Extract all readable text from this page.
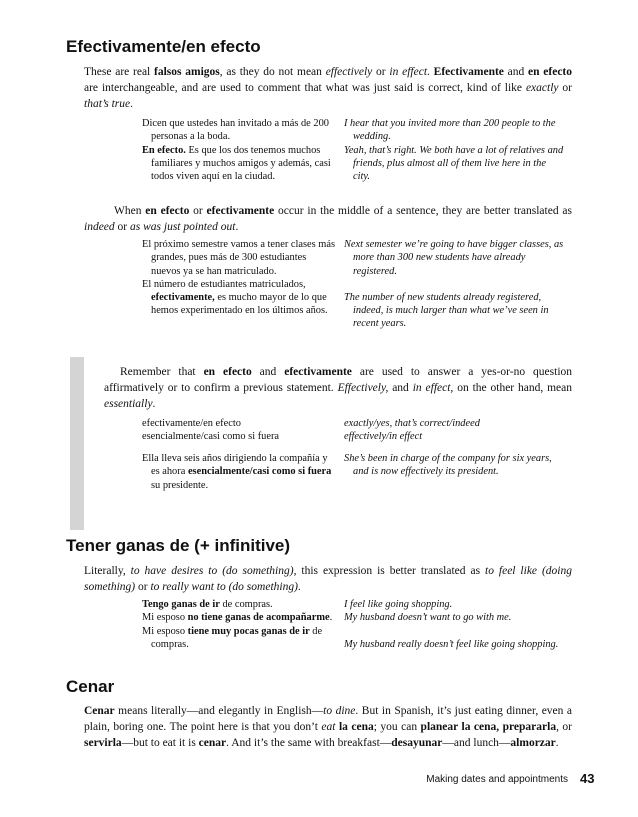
Efectivamente/en efecto

These are real falsos amigos, as they do not mean effectively or in effect. Efectivamente and en efecto are interchangeable, and are used to comment that what was just said is correct, kind of like exactly or that’s true.

Dicen que ustedes han invitado a más de 200 personas a la boda.
En efecto. Es que los dos tenemos muchos familiares y muchos amigos y además, casi todos viven aquí en la ciudad.
I hear that you invited more than 200 people to the wedding.
Yeah, that’s right. We both have a lot of relatives and friends, plus almost all of them live here in the city.

When en efecto or efectivamente occur in the middle of a sentence, they are better translated as indeed or as was just pointed out.

El próximo semestre vamos a tener clases más grandes, pues más de 300 estudiantes nuevos ya se han matriculado.
El número de estudiantes matriculados, efectivamente, es mucho mayor de lo que hemos experimentado en los últimos años.
Next semester we’re going to have bigger classes, as more than 300 new students have already registered.
The number of new students already registered, indeed, is much larger than what we’ve seen in recent years.

Remember that en efecto and efectivamente are used to answer a yes-or-no question affirmatively or to confirm a previous statement. Effectively, and in effect, on the other hand, mean essentially.

efectivamente/en efecto
esencialmente/casi como si fuera
exactly/yes, that’s correct/indeed
effectively/in effect
Ella lleva seis años dirigiendo la compañía y es ahora esencialmente/casi como si fuera su presidente.
She’s been in charge of the company for six years, and is now effectively its president.
Tener ganas de (+ infinitive)

Literally, to have desires to (do something), this expression is better translated as to feel like (doing something) or to really want to (do something).

Tengo ganas de ir de compras.
Mi esposo no tiene ganas de acompañarme.
Mi esposo tiene muy pocas ganas de ir de compras.
I feel like going shopping.
My husband doesn’t want to go with me.
My husband really doesn’t feel like going shopping.
Cenar

Cenar means literally—and elegantly in English—to dine. But in Spanish, it’s just eating dinner, even a plain, boring one. The point here is that you don’t eat la cena; you can planear la cena, prepararla, or servirla—but to eat it is cenar. And it’s the same with breakfast—desayunar—and lunch—almorzar.

Making dates and appointments 43
